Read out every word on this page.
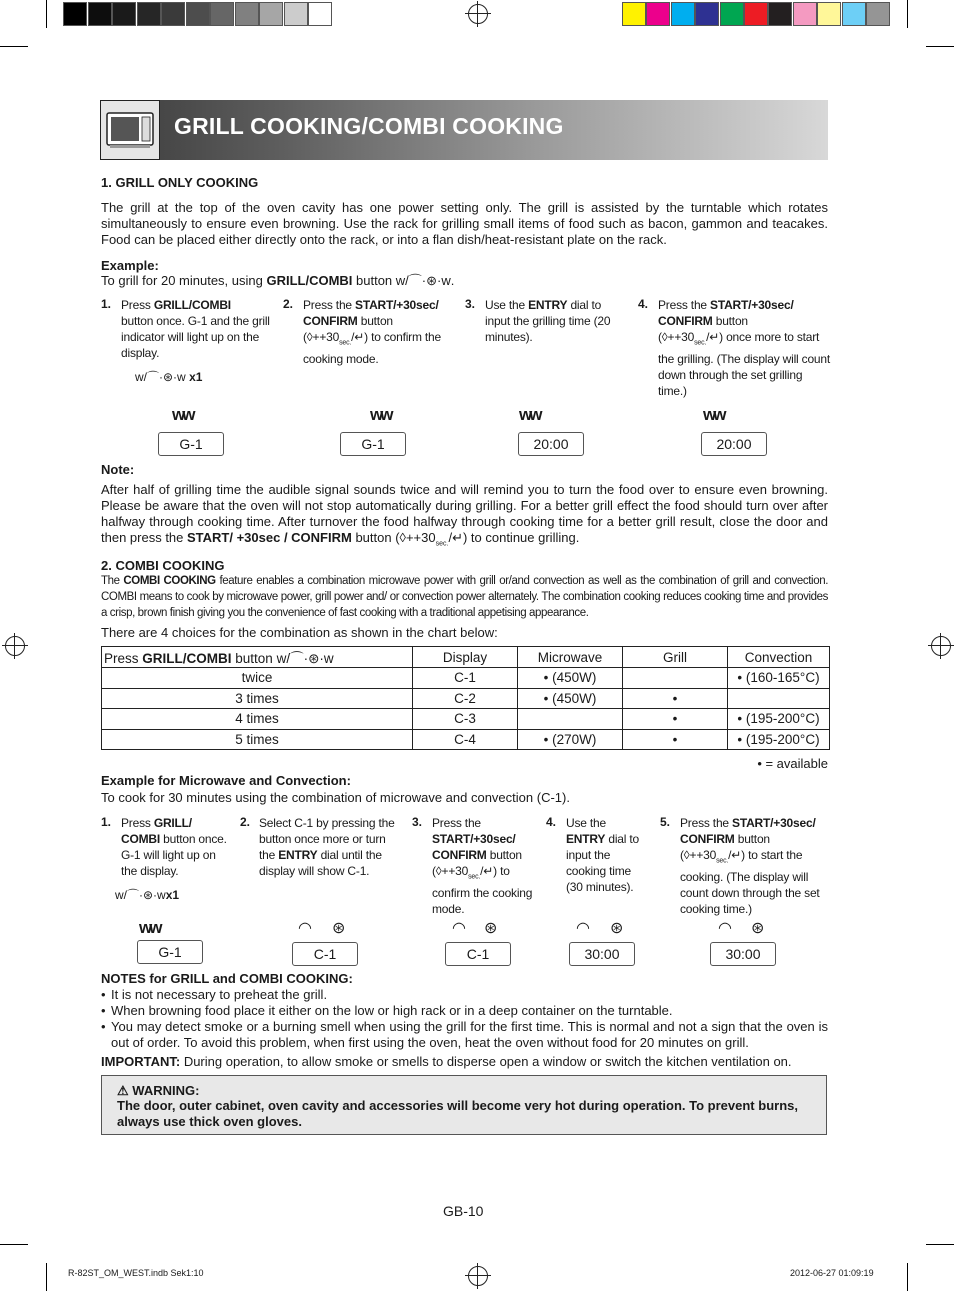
GRILL COOKING/COMBI COOKING
1. GRILL ONLY COOKING
The grill at the top of the oven cavity has one power setting only. The grill is assisted by the turntable which rotates simultaneously to ensure even browning. Use the rack for grilling small items of food such as bacon, gammon and teacakes. Food can be placed either directly onto the rack, or into a flan dish/heat-resistant plate on the rack.
Example:
To grill for 20 minutes, using GRILL/COMBI button ᴡ/⌒·⊛·ᴡ.
1. Press GRILL/COMBI
button once. G-1 and the grill indicator will light up on the display.
ᴡ/⌒·⊛·ᴡ x1
2. Press the START/+30sec/ CONFIRM button
$(◊++30_{sec.}/↵)$ to confirm the cooking mode.
3. Use the ENTRY dial to input the grilling time (20 minutes).
4. Press the START/+30sec/ CONFIRM button
$(◊++30_{sec.}/↵)$ once more to start the grilling. (The display will count down through the set grilling time.)
ᴡᴡ
G-1
ᴡᴡ
G-1
ᴡᴡ
20:00
ᴡᴡ
20:00
Note:
After half of grilling time the audible signal sounds twice and will remind you to turn the food over to ensure even browning. Please be aware that the oven will not stop automatically during grilling. For a better grill effect the food should turn over after halfway through cooking time. After turnover the food halfway through cooking time for a better grill result, close the door and then press the START/ +30sec / CONFIRM button $(◊++30_{sec.}/↵)$ to continue grilling.
2. COMBI COOKING
The COMBI COOKING feature enables a combination microwave power with grill or/and convection as well as the combination of grill and convection. COMBI means to cook by microwave power, grill power and/ or convection power alternately. The combination cooking reduces cooking time and provides a crisp, brown finish giving you the convenience of fast cooking with a traditional appetising appearance.
There are 4 choices for the combination as shown in the chart below:
Press GRILL/COMBI button ᴡ/⌒·⊛·ᴡ	Display	Microwave	Grill	Convection
twice	C-1	• (450W)		• (160-165°C)
3 times	C-2	• (450W)	•	
4 times	C-3		•	• (195-200°C)
5 times	C-4	• (270W)	•	• (195-200°C)
• = available
Example for Microwave and Convection:
To cook for 30 minutes using the combination of microwave and convection (C-1).
1. Press GRILL/ COMBI button once. G-1 will light up on the display.
ᴡ/⌒·⊛·ᴡx1
2. Select C-1 by pressing the button once more or turn the ENTRY dial until the display will show C-1.
3. Press the START/+30sec/ CONFIRM button
$(◊++30_{sec.}/↵)$ to confirm the cooking mode.
4. Use the ENTRY dial to input the cooking time (30 minutes).
5. Press the START/+30sec/ CONFIRM button
$(◊++30_{sec.}/↵)$ to start the cooking. (The display will count down through the set cooking time.)
ᴡᴡ
G-1
◠ ⊛
C-1
◠ ⊛
C-1
◠ ⊛
30:00
◠ ⊛
30:00
NOTES for GRILL and COMBI COOKING:
• It is not necessary to preheat the grill.
• When browning food place it either on the low or high rack or in a deep container on the turntable.
• You may detect smoke or a burning smell when using the grill for the first time. This is normal and not a sign that the oven is out of order. To avoid this problem, when first using the oven, heat the oven without food for 20 minutes on grill.
IMPORTANT: During operation, to allow smoke or smells to disperse open a window or switch the kitchen ventilation on.
⚠ WARNING:
The door, outer cabinet, oven cavity and accessories will become very hot during operation. To prevent burns, always use thick oven gloves.
GB-10
R-82ST_OM_WEST.indb Sek1:10	2012-06-27 01:09:19
